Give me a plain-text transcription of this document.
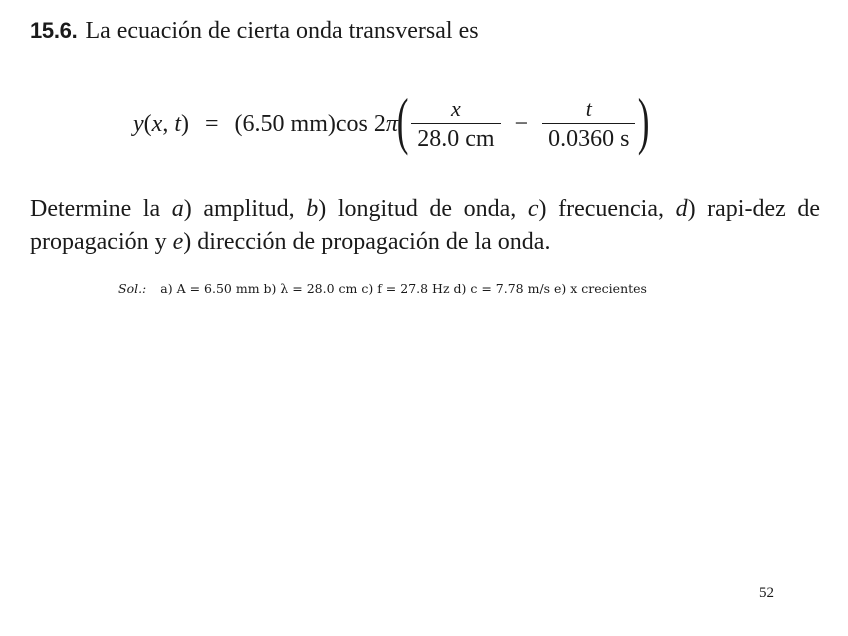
15.6. La ecuación de cierta onda transversal es
y ( x ,
t ) = (6.50 mm) cos
2 π
( $\frac{x}{28.0 cm} - \frac{t}{0.0360 s}$ )
Determine la a) amplitud, b) longitud de onda, c) frecuencia, d) rapi-dez de propagación y e) dirección de propagación de la onda.
Sol.: a) A = 6.50 mm b) λ = 28.0 cm c) f = 27.8 Hz d) c = 7.78 m/s e) x crecientes
52
